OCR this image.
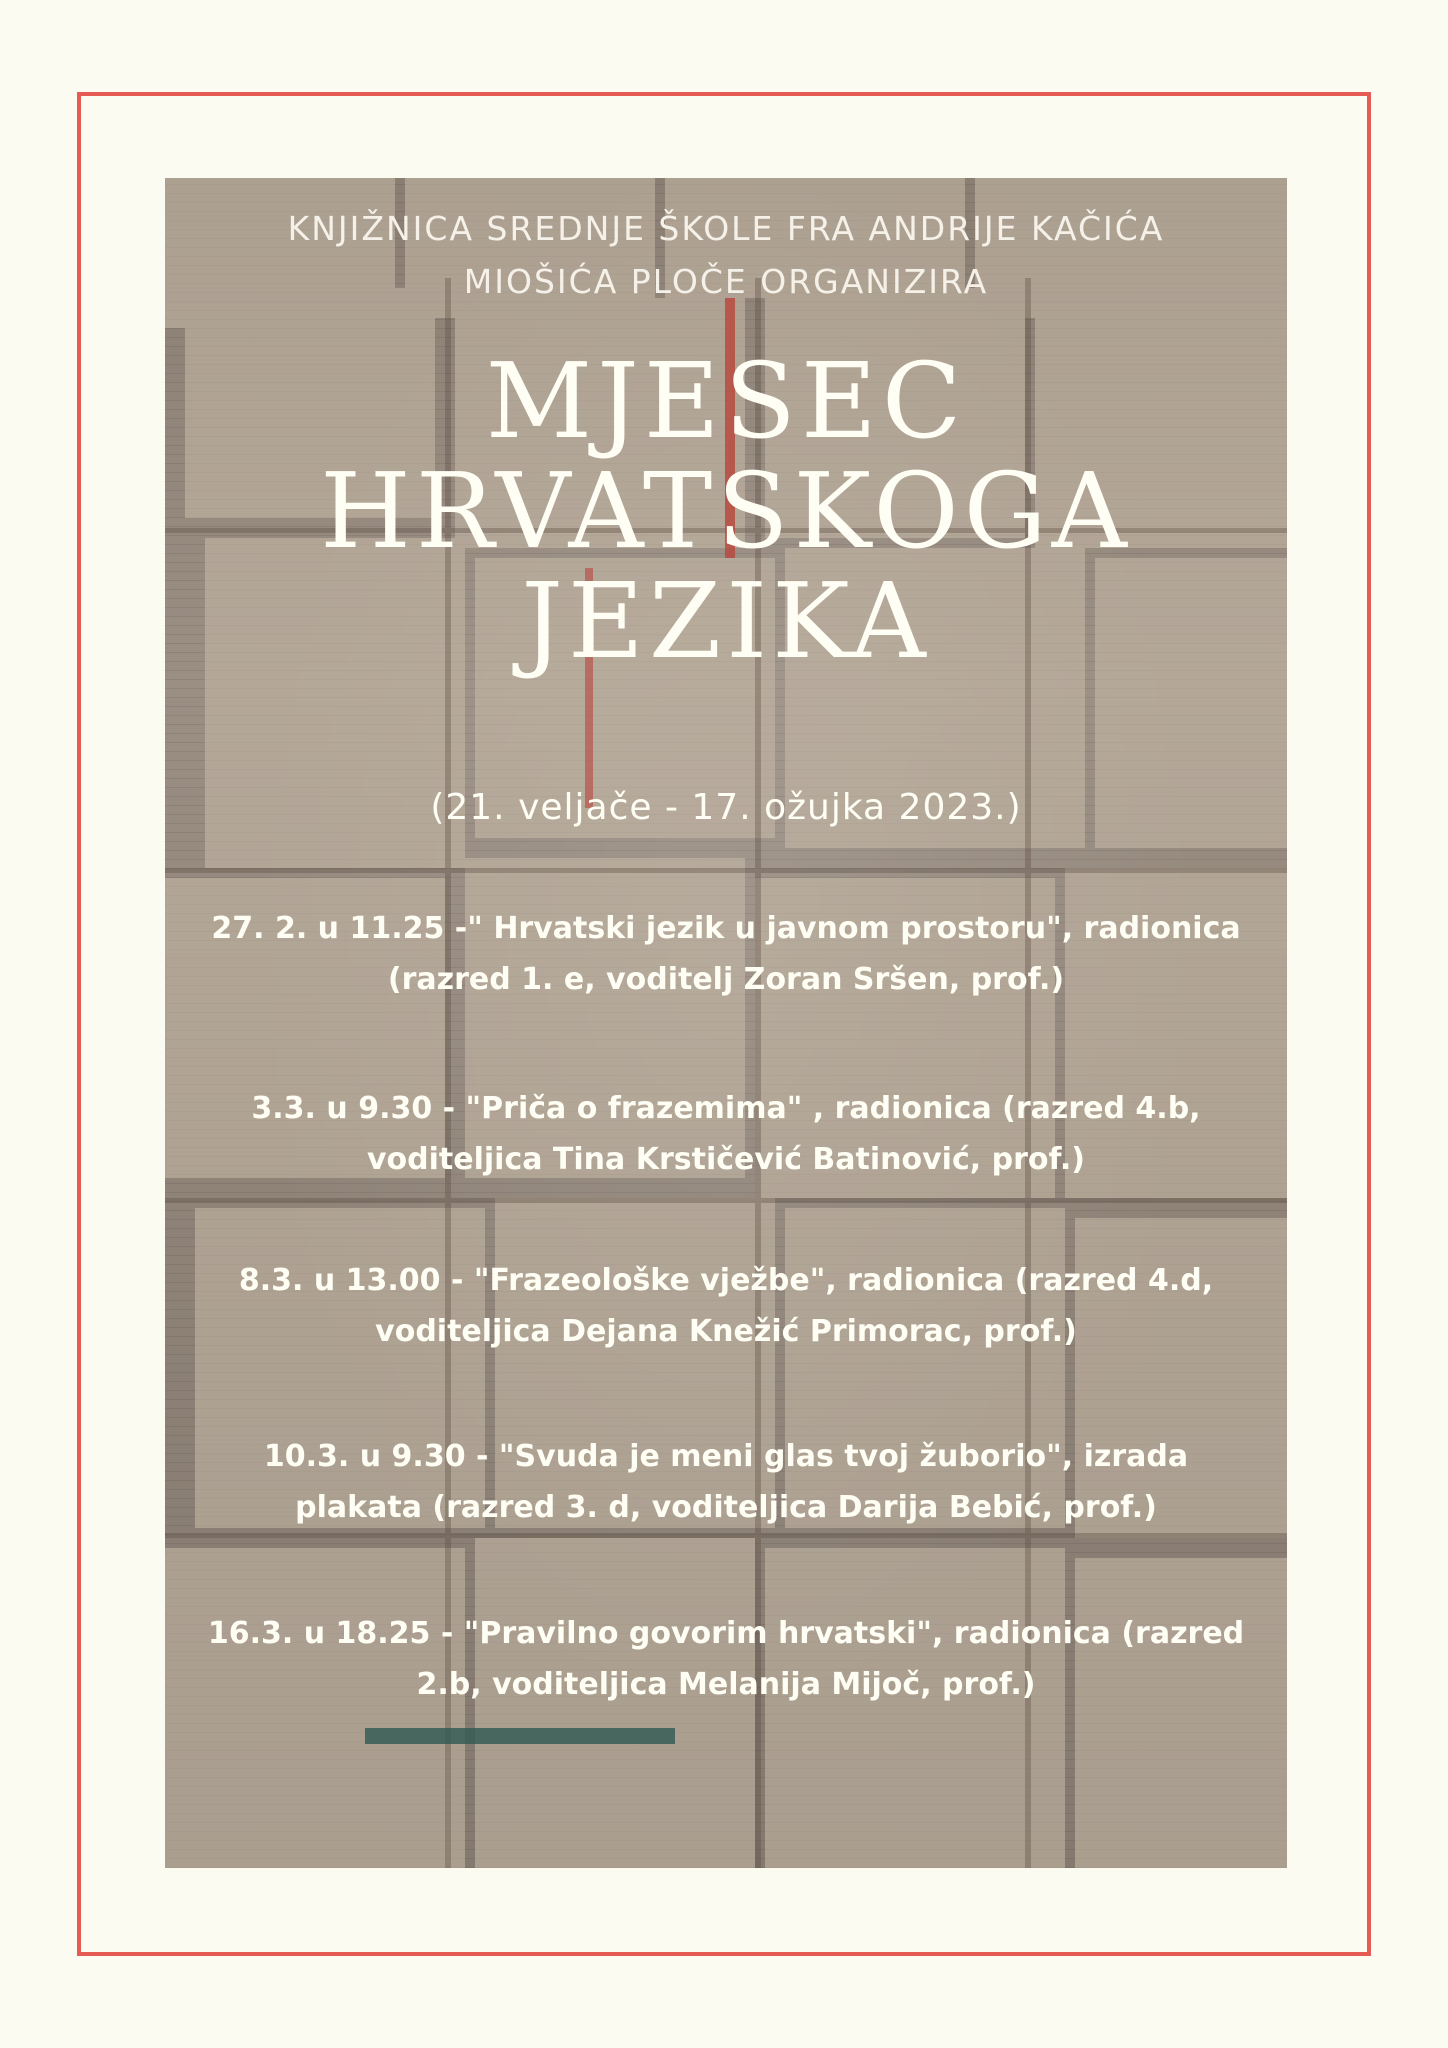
KNJIŽNICA SREDNJE ŠKOLE FRA ANDRIJE KAČIĆA
MIOŠIĆA PLOČE ORGANIZIRA
MJESEC
HRVATSKOGA
JEZIKA
(21. veljače - 17. ožujka 2023.)
27. 2. u 11.25 -" Hrvatski jezik u javnom prostoru", radionica
(razred 1. e, voditelj Zoran Sršen, prof.)
3.3. u 9.30 - "Priča o frazemima" , radionica (razred 4.b,
voditeljica Tina Krstičević Batinović, prof.)
8.3. u 13.00 - "Frazeološke vježbe", radionica (razred 4.d,
voditeljica Dejana Knežić Primorac, prof.)
10.3. u 9.30 - "Svuda je meni glas tvoj žuborio", izrada
plakata (razred 3. d, voditeljica Darija Bebić, prof.)
16.3. u 18.25 - "Pravilno govorim hrvatski", radionica (razred
2.b, voditeljica Melanija Mijoč, prof.)
